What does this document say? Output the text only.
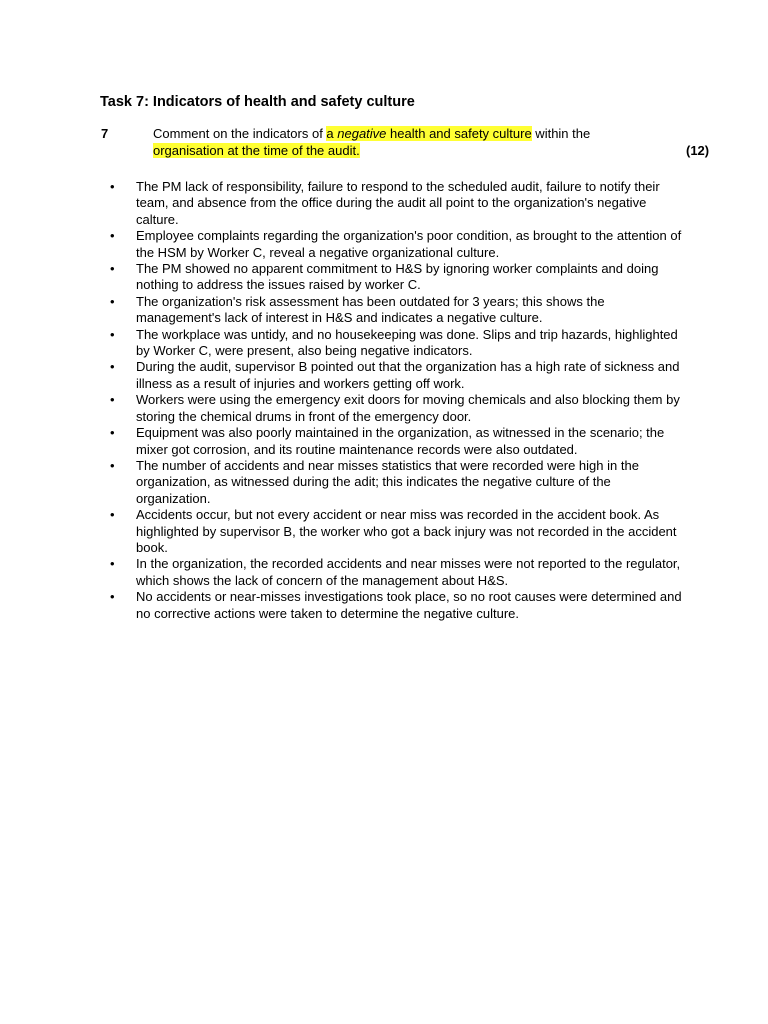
Task 7: Indicators of health and safety culture
7	Comment on the indicators of a negative health and safety culture within the organisation at the time of the audit.	(12)
•	The PM lack of responsibility, failure to respond to the scheduled audit, failure to notify their team, and absence from the office during the audit all point to the organization's negative calture.
•	Employee complaints regarding the organization's poor condition, as brought to the attention of the HSM by Worker C, reveal a negative organizational culture.
•	The PM showed no apparent commitment to H&S by ignoring worker complaints and doing nothing to address the issues raised by worker C.
•	The organization's risk assessment has been outdated for 3 years; this shows the management's lack of interest in H&S and indicates a negative culture.
•	The workplace was untidy, and no housekeeping was done. Slips and trip hazards, highlighted by Worker C, were present, also being negative indicators.
•	During the audit, supervisor B pointed out that the organization has a high rate of sickness and illness as a result of injuries and workers getting off work.
•	Workers were using the emergency exit doors for moving chemicals and also blocking them by storing the chemical drums in front of the emergency door.
•	Equipment was also poorly maintained in the organization, as witnessed in the scenario; the mixer got corrosion, and its routine maintenance records were also outdated.
•	The number of accidents and near misses statistics that were recorded were high in the organization, as witnessed during the adit; this indicates the negative culture of the organization.
•	Accidents occur, but not every accident or near miss was recorded in the accident book. As highlighted by supervisor B, the worker who got a back injury was not recorded in the accident book.
•	In the organization, the recorded accidents and near misses were not reported to the regulator, which shows the lack of concern of the management about H&S.
•	No accidents or near-misses investigations took place, so no root causes were determined and no corrective actions were taken to determine the negative culture.
